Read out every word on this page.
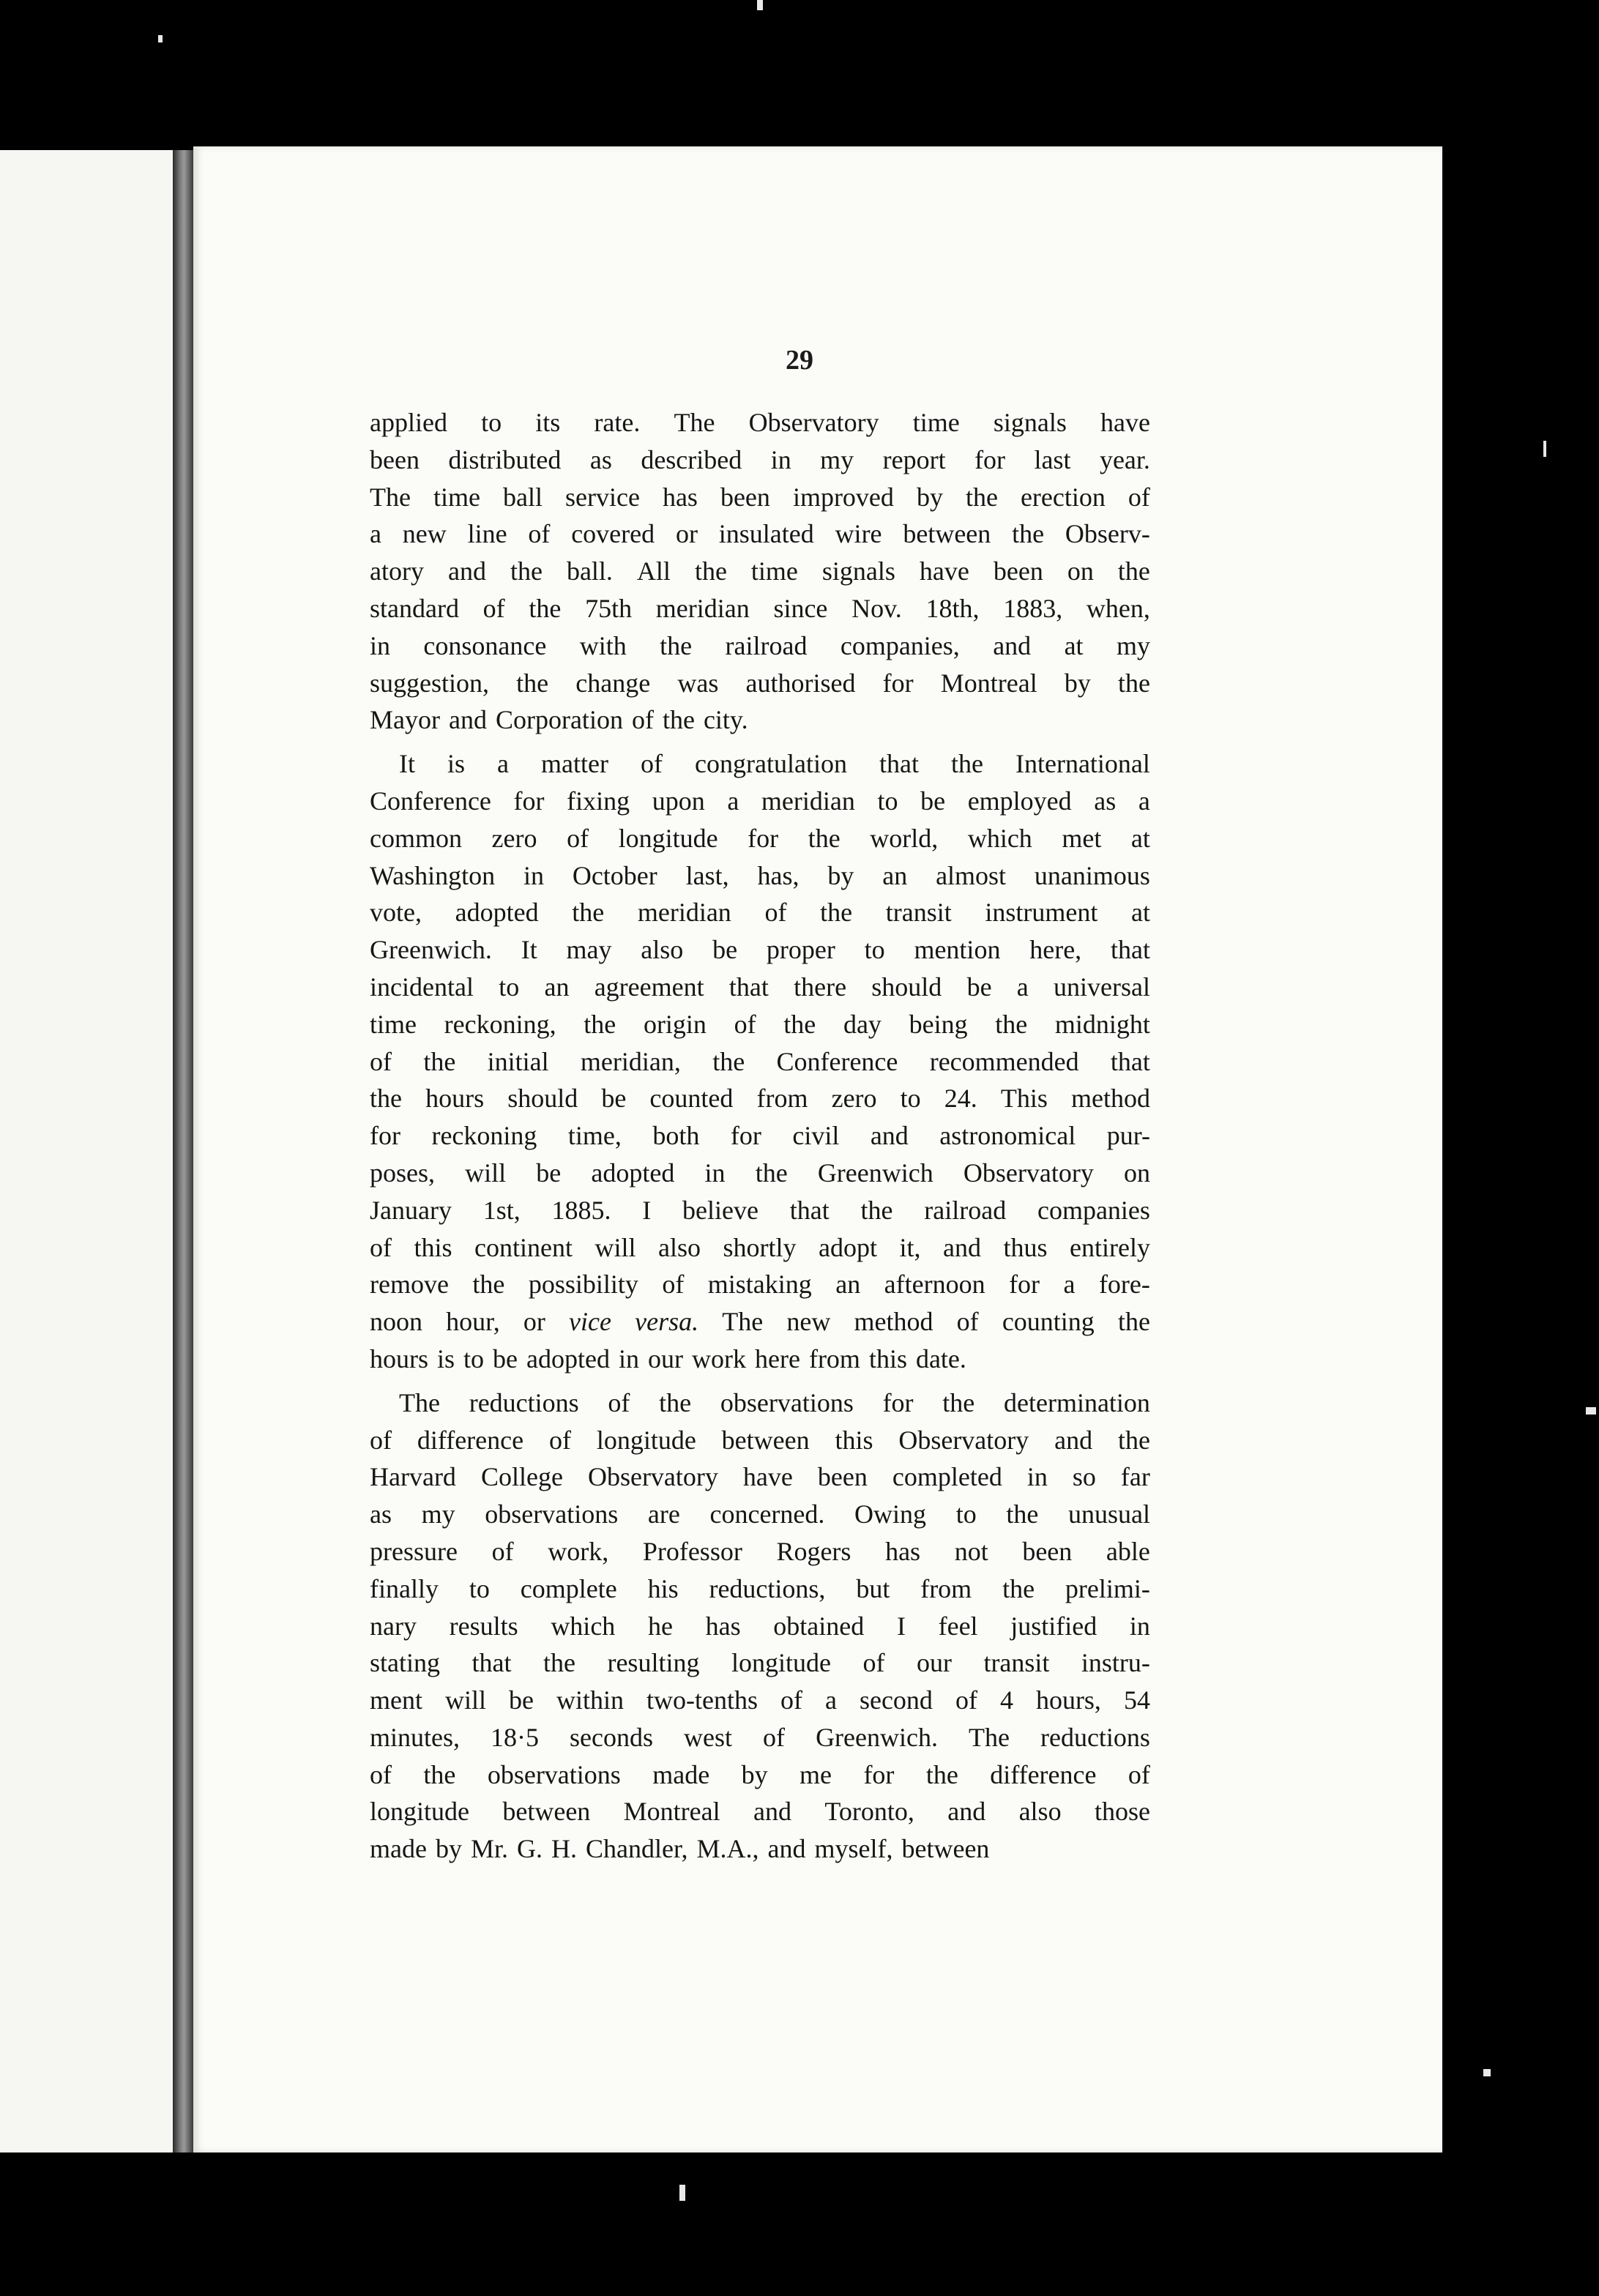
29
applied to its rate. The Observatory time signals have
been distributed as described in my report for last year.
The time ball service has been improved by the erection of
a new line of covered or insulated wire between the Observ-
atory and the ball. All the time signals have been on the
standard of the 75th meridian since Nov. 18th, 1883, when,
in consonance with the railroad companies, and at my
suggestion, the change was authorised for Montreal by the
Mayor and Corporation of the city.
It is a matter of congratulation that the International
Conference for fixing upon a meridian to be employed as a
common zero of longitude for the world, which met at
Washington in October last, has, by an almost unanimous
vote, adopted the meridian of the transit instrument at
Greenwich. It may also be proper to mention here, that
incidental to an agreement that there should be a universal
time reckoning, the origin of the day being the midnight
of the initial meridian, the Conference recommended that
the hours should be counted from zero to 24. This method
for reckoning time, both for civil and astronomical pur-
poses, will be adopted in the Greenwich Observatory on
January 1st, 1885. I believe that the railroad companies
of this continent will also shortly adopt it, and thus entirely
remove the possibility of mistaking an afternoon for a fore-
noon hour, or vice versa. The new method of counting the
hours is to be adopted in our work here from this date.
The reductions of the observations for the determination
of difference of longitude between this Observatory and the
Harvard College Observatory have been completed in so far
as my observations are concerned. Owing to the unusual
pressure of work, Professor Rogers has not been able
finally to complete his reductions, but from the prelimi-
nary results which he has obtained I feel justified in
stating that the resulting longitude of our transit instru-
ment will be within two-tenths of a second of 4 hours, 54
minutes, 18·5 seconds west of Greenwich. The reductions
of the observations made by me for the difference of
longitude between Montreal and Toronto, and also those
made by Mr. G. H. Chandler, M.A., and myself, between
